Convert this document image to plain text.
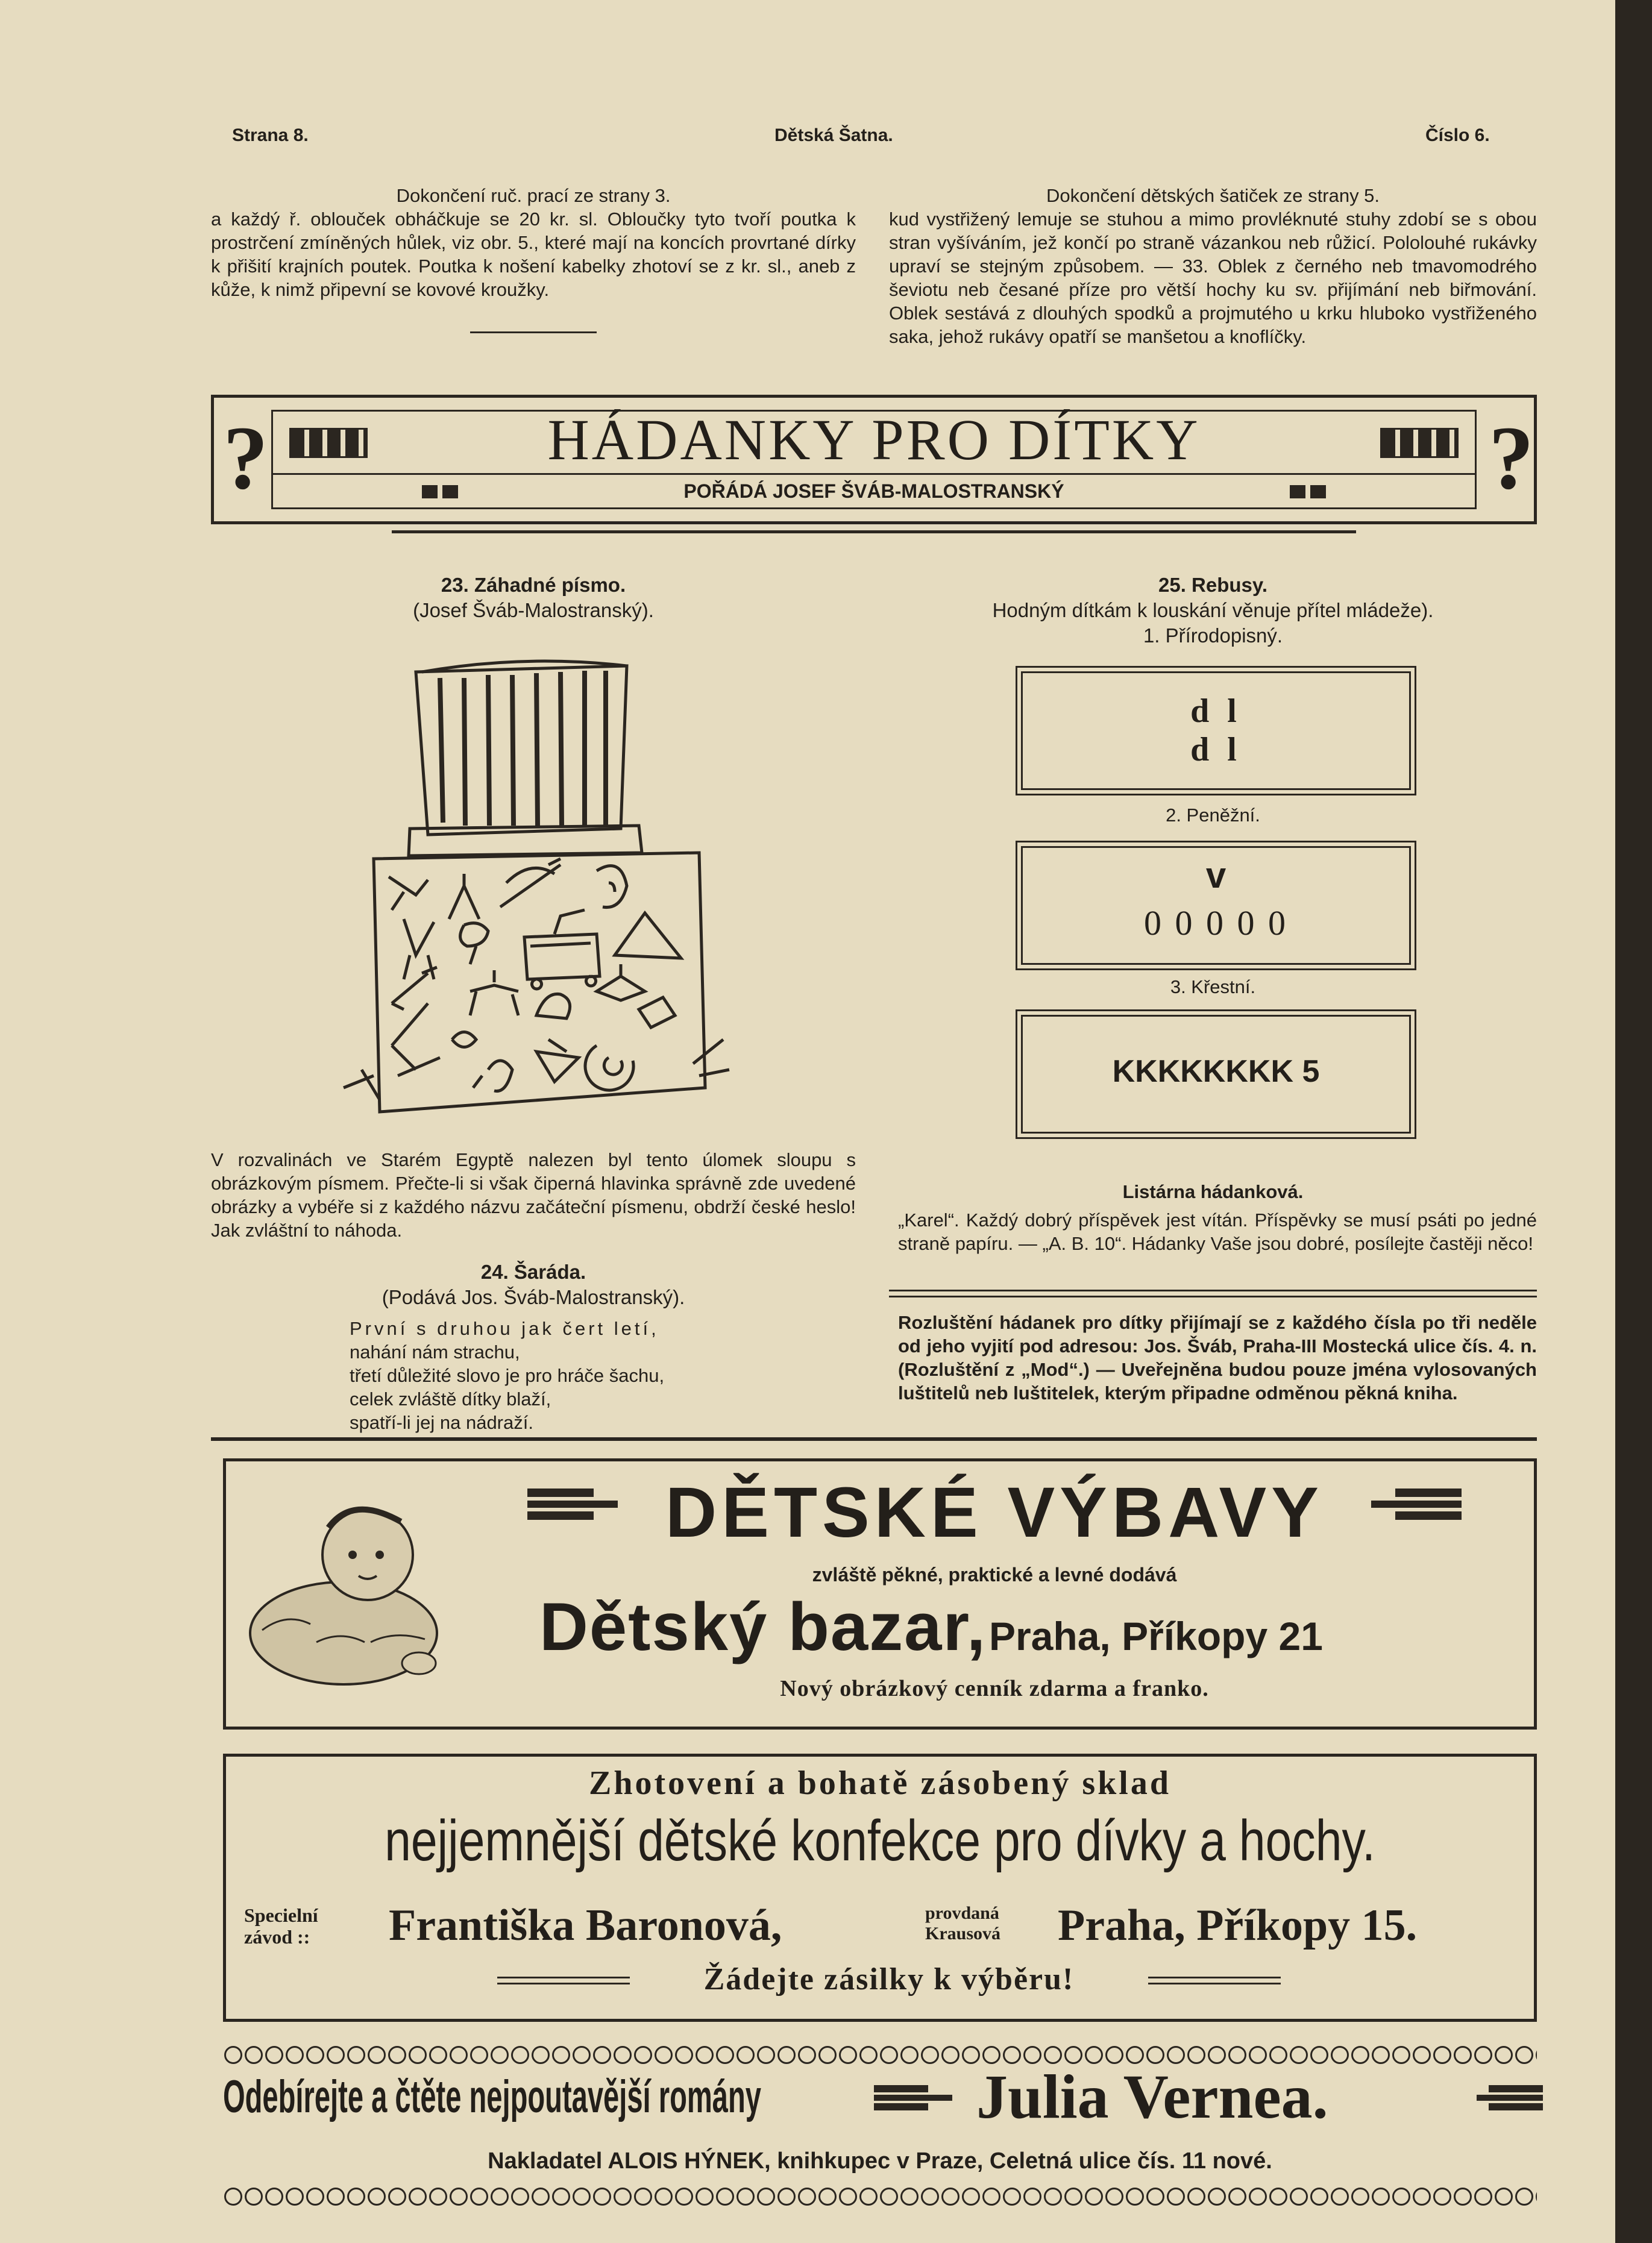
Strana 8.	Dětská Šatna.	Číslo 6.
Dokončení ruč. prací ze strany 3.
a každý ř. oblouček obháčkuje se 20 kr. sl. Obloučky tyto tvoří poutka k prostrčení zmíněných hůlek, viz obr. 5., které mají na koncích provrtané dírky k přišití krajních poutek. Poutka k nošení kabelky zhotoví se z kr. sl., aneb z kůže, k nimž připevní se kovové kroužky.
Dokončení dětských šatiček ze strany 5.
kud vystřižený lemuje se stuhou a mimo provléknuté stuhy zdobí se s obou stran vyšíváním, jež končí po straně vázankou neb růžicí. Pololouhé rukávky upraví se stejným způsobem. — 33. Oblek z černého neb tmavomodrého ševiotu neb česané příze pro větší hochy ku sv. přijímání neb biřmování. Oblek sestává z dlouhých spodků a projmutého u krku hluboko vystřiženého saka, jehož rukávy opatří se manšetou a knoflíčky.
?	?
HÁDANKY PRO DÍTKY
POŘÁDÁ JOSEF ŠVÁB-MALOSTRANSKÝ
23. Záhadné písmo.
(Josef Šváb-Malostranský).
V rozvalinách ve Starém Egyptě nalezen byl tento úlomek sloupu s obrázkovým písmem. Přečte-li si však čiperná hlavinka správně zde uvedené obrázky a vybéře si z každého názvu začáteční písmenu, obdrží české heslo! Jak zvláštní to náhoda.
24. Šaráda.
(Podává Jos. Šváb-Malostranský).
První s druhou jak čert letí,
nahání nám strachu,
třetí důležité slovo je pro hráče šachu,
celek zvláště dítky blaží,
spatří-li jej na nádraží.
25. Rebusy.
Hodným dítkám k louskání věnuje přítel mládeže).
1. Přírodopisný.
d l
d l
2. Peněžní.
v
0 0 0 0 0
3. Křestní.
KKKKKKKK 5
Listárna hádanková.
„Karel“. Každý dobrý příspěvek jest vítán. Příspěvky se musí psáti po jedné straně papíru. — „A. B. 10“. Hádanky Vaše jsou dobré, posílejte častěji něco!
Rozluštění hádanek pro dítky přijímají se z každého čísla po tři neděle od jeho vyjití pod adresou: Jos. Šváb, Praha-III Mostecká ulice čís. 4. n. (Rozluštění z „Mod“.) — Uveřejněna budou pouze jména vylosovaných luštitelů neb luštitelek, kterým připadne odměnou pěkná kniha.
DĚTSKÉ VÝBAVY
zvláště pěkné, praktické a levné dodává
Dětský bazar, Praha, Příkopy 21
Nový obrázkový cenník zdarma a franko.
Zhotovení a bohatě zásobený sklad
nejjemnější dětské konfekce pro dívky a hochy.
Specielní závod ::	Františka Baronová,	provdaná Krausová	Praha, Příkopy 15.
Žádejte zásilky k výběru!
Odebírejte a čtěte nejpoutavější romány	Julia Vernea.
Nakladatel ALOIS HÝNEK, knihkupec v Praze, Celetná ulice čís. 11 nové.
